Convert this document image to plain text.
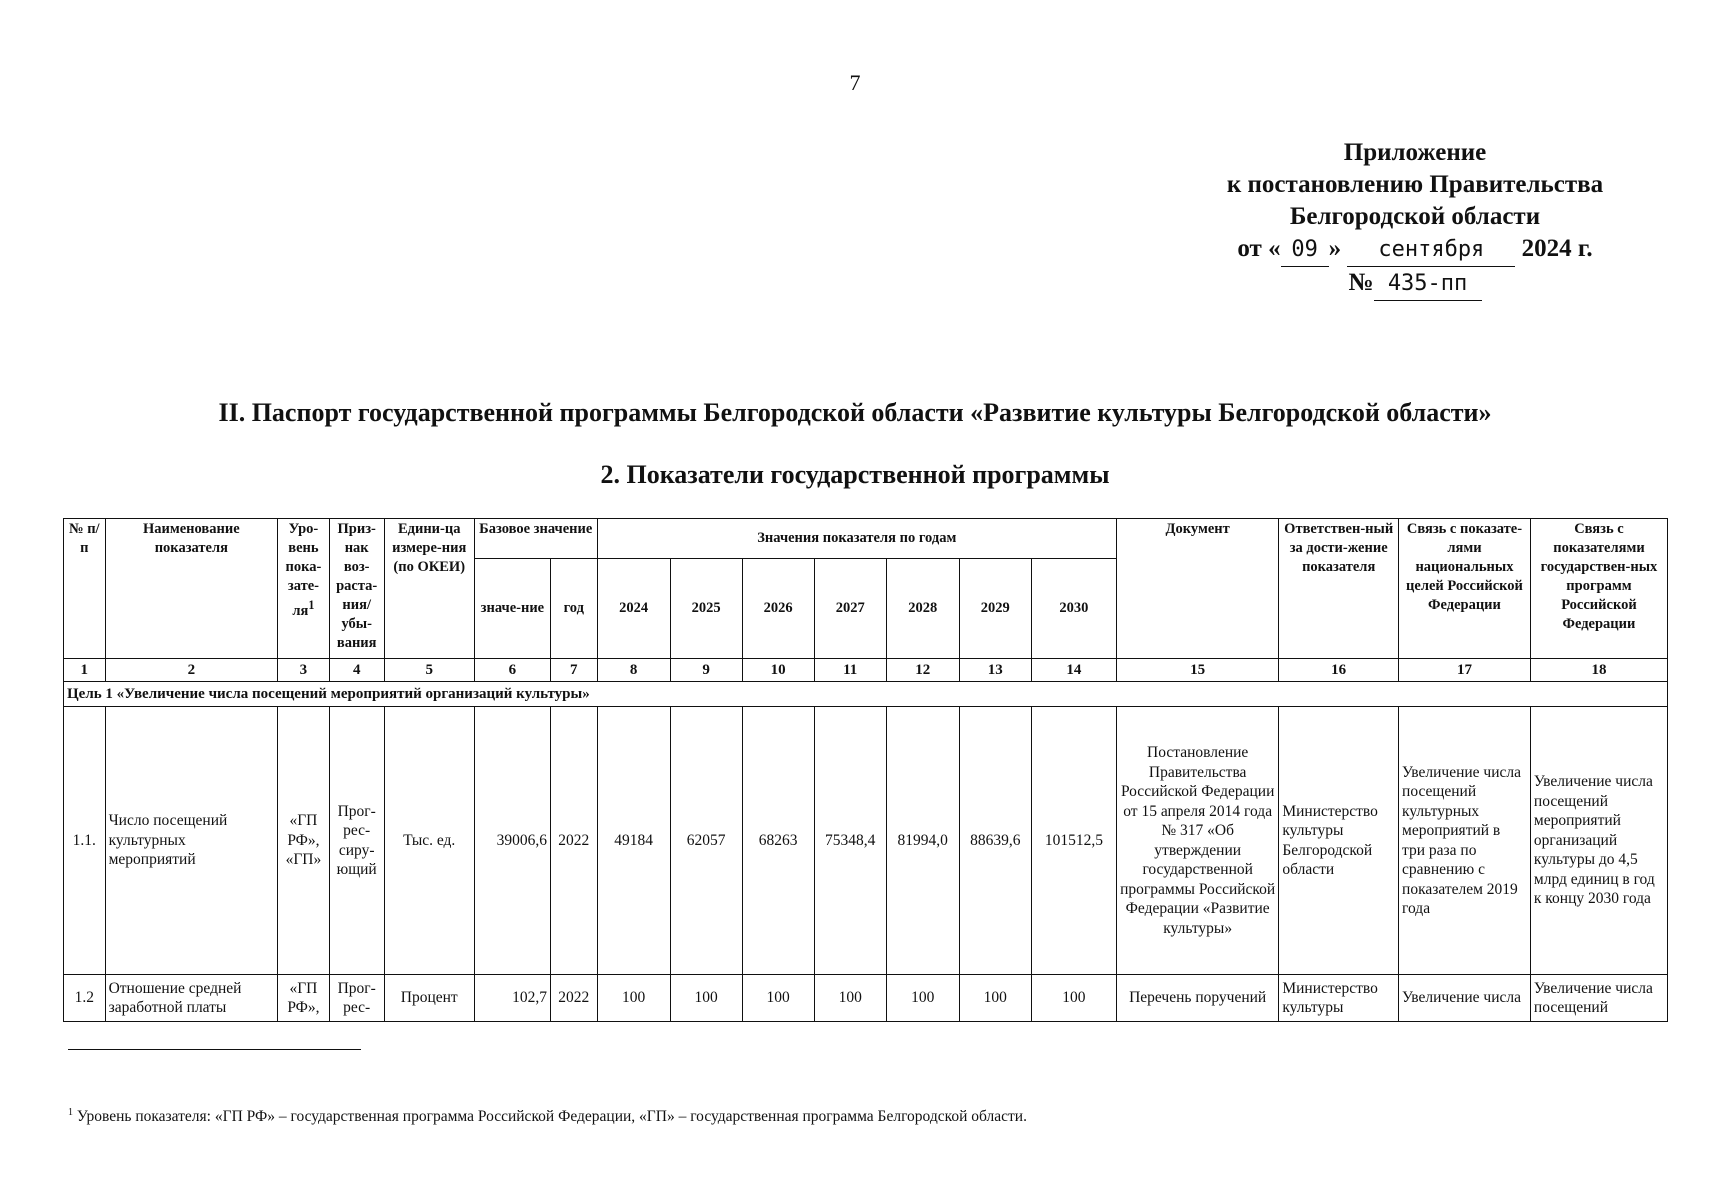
7
Приложение
к постановлению Правительства
Белгородской области
от « 09 » сентября 2024 г.
№ 435-пп
II. Паспорт государственной программы Белгородской области «Развитие культуры Белгородской области»
2. Показатели государственной программы
№ п/п	Наименование показателя	Уро-вень пока-$зате-ля^1$	Приз-нак воз-раста-ния/ убы-вания	Едини-ца измере-ния (по ОКЕИ)	Базовое значение		Значения показателя по годам							Документ	Ответствен-ный за дости-жение показателя	Связь с показате-лями национальных целей Российской Федерации	Связь с показателями государствен-ных программ Российской Федерации
					значе-ние	год	2024	2025	2026	2027	2028	2029	2030				
1	2	3	4	5	6	7	8	9	10	11	12	13	14	15	16	17	18
Цель 1 «Увеличение числа посещений мероприятий организаций культуры»																	
1.1.	Число посещений культурных мероприятий	«ГП РФ», «ГП»	Прог-рес-сиру-ющий	Тыс. ед.	39006,6	2022	49184	62057	68263	75348,4	81994,0	88639,6	101512,5	Постановление Правительства Российской Федерации от 15 апреля 2014 года № 317 «Об утверждении государственной программы Российской Федерации «Развитие культуры»	Министерство культуры Белгородской области	Увеличение числа посещений культурных мероприятий в три раза по сравнению с показателем 2019 года	Увеличение числа посещений мероприятий организаций культуры до 4,5 млрд единиц в год к концу 2030 года
1.2	Отношение средней заработной платы	«ГП РФ»,	Прог-рес-	Процент	102,7	2022	100	100	100	100	100	100	100	Перечень поручений	Министерство культуры	Увеличение числа	Увеличение числа посещений
$^1$ Уровень показателя: «ГП РФ» – государственная программа Российской Федерации, «ГП» – государственная программа Белгородской области.
